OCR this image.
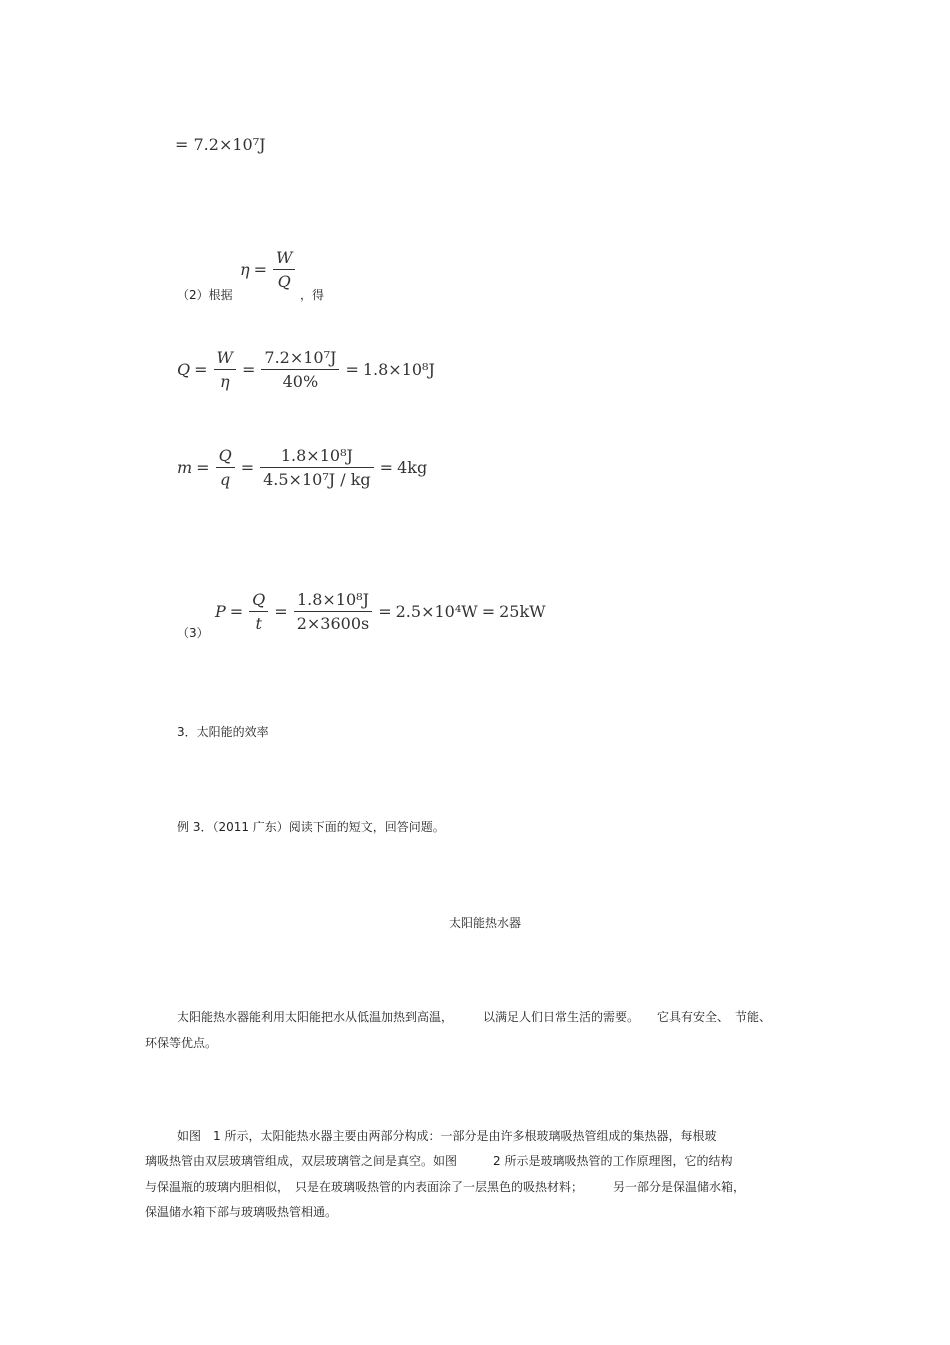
= 7.2×10⁷J
（2）根据
$\eta = \frac{W}{Q}$
，得
$Q = \frac{W}{\eta} = \frac{\text{7.2×10⁷J}}{40\%} = 1.8\times 10^8J$
$m = \frac{Q}{q} = \frac{\text{1.8×10⁸J}}{\text{4.5×10⁷J / kg}} = 4kg$
（3）
$P = \frac{Q}{t} = \frac{\text{1.8×10⁸J}}{2\times 3600s} = 2.5\times 10^4W = 25kW$
3．太阳能的效率
例 3．（2011 广东）阅读下面的短文，回答问题。
太阳能热水器
太阳能热水器能利用太阳能把水从低温加热到高温，　　　以满足人们日常生活的需要。　　它具有安全、　节能、
环保等优点。
如图　1 所示，太阳能热水器主要由两部分构成：一部分是由许多根玻璃吸热管组成的集热器，每根玻
璃吸热管由双层玻璃管组成，双层玻璃管之间是真空。如图　　　2 所示是玻璃吸热管的工作原理图，它的结构
与保温瓶的玻璃内胆相似，　只是在玻璃吸热管的内表面涂了一层黑色的吸热材料；　　　另一部分是保温储水箱，
保温储水箱下部与玻璃吸热管相通。
